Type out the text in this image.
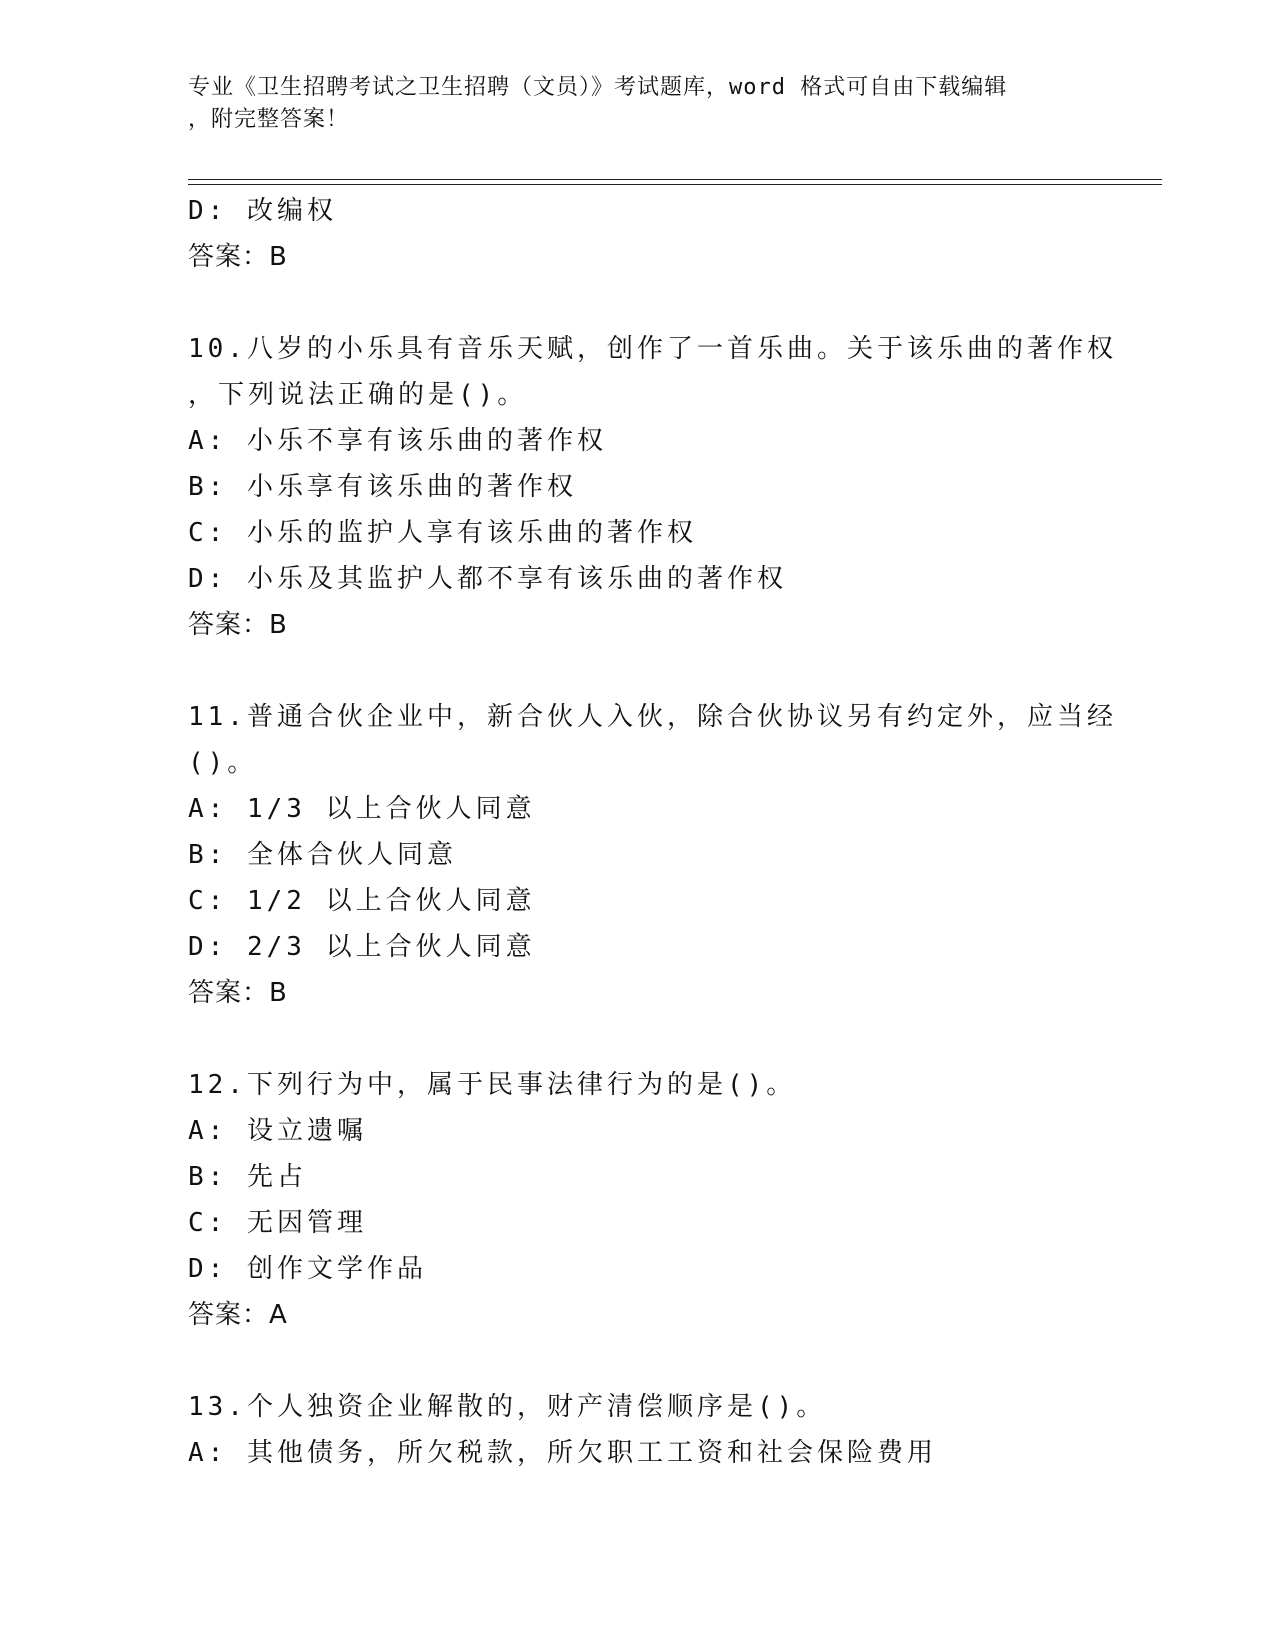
专业《卫生招聘考试之卫生招聘（文员）》考试题库，word 格式可自由下载编辑
，附完整答案！
D: 改编权
答案：B
10.八岁的小乐具有音乐天赋，创作了一首乐曲。关于该乐曲的著作权
，下列说法正确的是()。
A: 小乐不享有该乐曲的著作权
B: 小乐享有该乐曲的著作权
C: 小乐的监护人享有该乐曲的著作权
D: 小乐及其监护人都不享有该乐曲的著作权
答案：B
11.普通合伙企业中，新合伙人入伙，除合伙协议另有约定外，应当经
()。
A: 1/3 以上合伙人同意
B: 全体合伙人同意
C: 1/2 以上合伙人同意
D: 2/3 以上合伙人同意
答案：B
12.下列行为中，属于民事法律行为的是()。
A: 设立遗嘱
B: 先占
C: 无因管理
D: 创作文学作品
答案：A
13.个人独资企业解散的，财产清偿顺序是()。
A: 其他债务，所欠税款，所欠职工工资和社会保险费用
